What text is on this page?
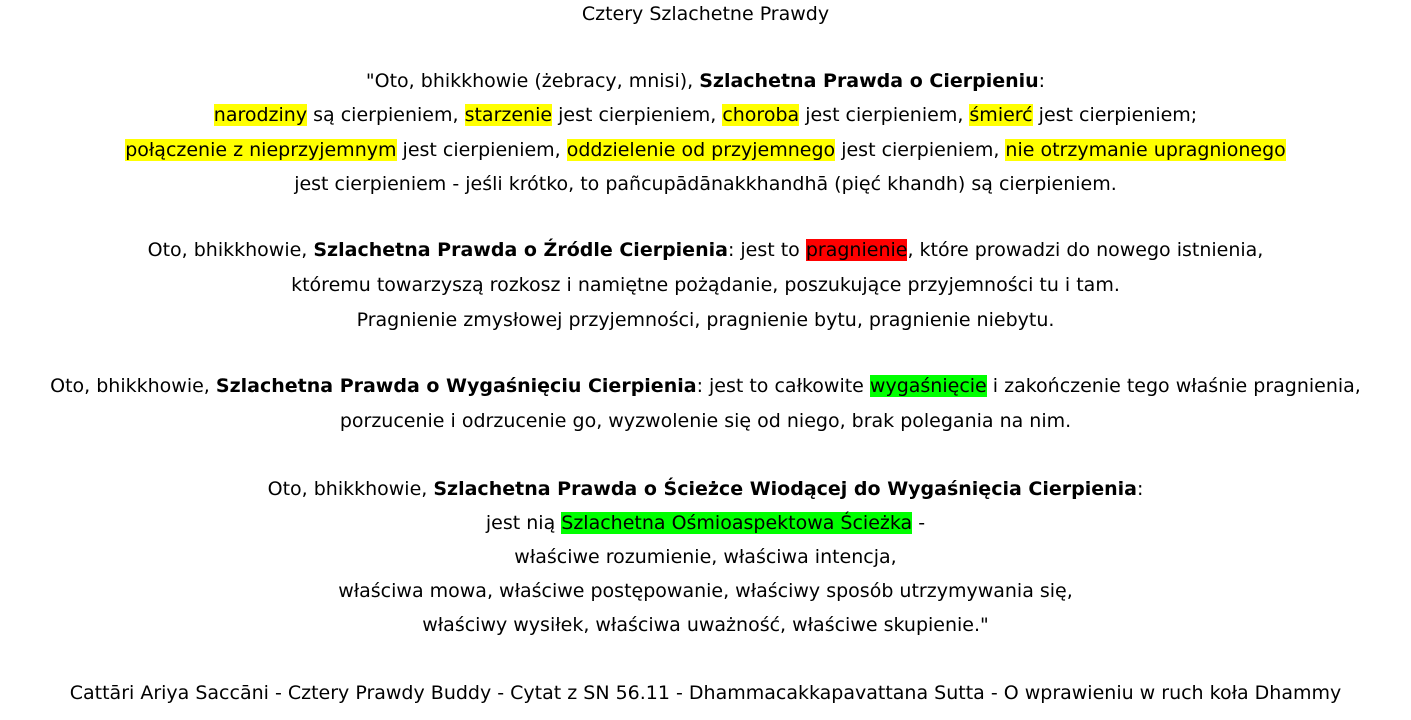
Cztery Szlachetne Prawdy
"Oto, bhikkhowie (żebracy, mnisi), Szlachetna Prawda o Cierpieniu:
narodziny są cierpieniem, starzenie jest cierpieniem, choroba jest cierpieniem, śmierć jest cierpieniem;
połączenie z nieprzyjemnym jest cierpieniem, oddzielenie od przyjemnego jest cierpieniem, nie otrzymanie upragnionego
jest cierpieniem - jeśli krótko, to pañcupādānakkhandhā (pięć khandh) są cierpieniem.
Oto, bhikkhowie, Szlachetna Prawda o Źródle Cierpienia: jest to pragnienie, które prowadzi do nowego istnienia,
któremu towarzyszą rozkosz i namiętne pożądanie, poszukujące przyjemności tu i tam.
Pragnienie zmysłowej przyjemności, pragnienie bytu, pragnienie niebytu.
Oto, bhikkhowie, Szlachetna Prawda o Wygaśnięciu Cierpienia: jest to całkowite wygaśnięcie i zakończenie tego właśnie pragnienia,
porzucenie i odrzucenie go, wyzwolenie się od niego, brak polegania na nim.
Oto, bhikkhowie, Szlachetna Prawda o Ścieżce Wiodącej do Wygaśnięcia Cierpienia:
jest nią Szlachetna Ośmioaspektowa Ścieżka -
właściwe rozumienie, właściwa intencja,
właściwa mowa, właściwe postępowanie, właściwy sposób utrzymywania się,
właściwy wysiłek, właściwa uważność, właściwe skupienie."
Cattāri Ariya Saccāni - Cztery Prawdy Buddy - Cytat z SN 56.11 - Dhammacakkapavattana Sutta - O wprawieniu w ruch koła Dhammy
